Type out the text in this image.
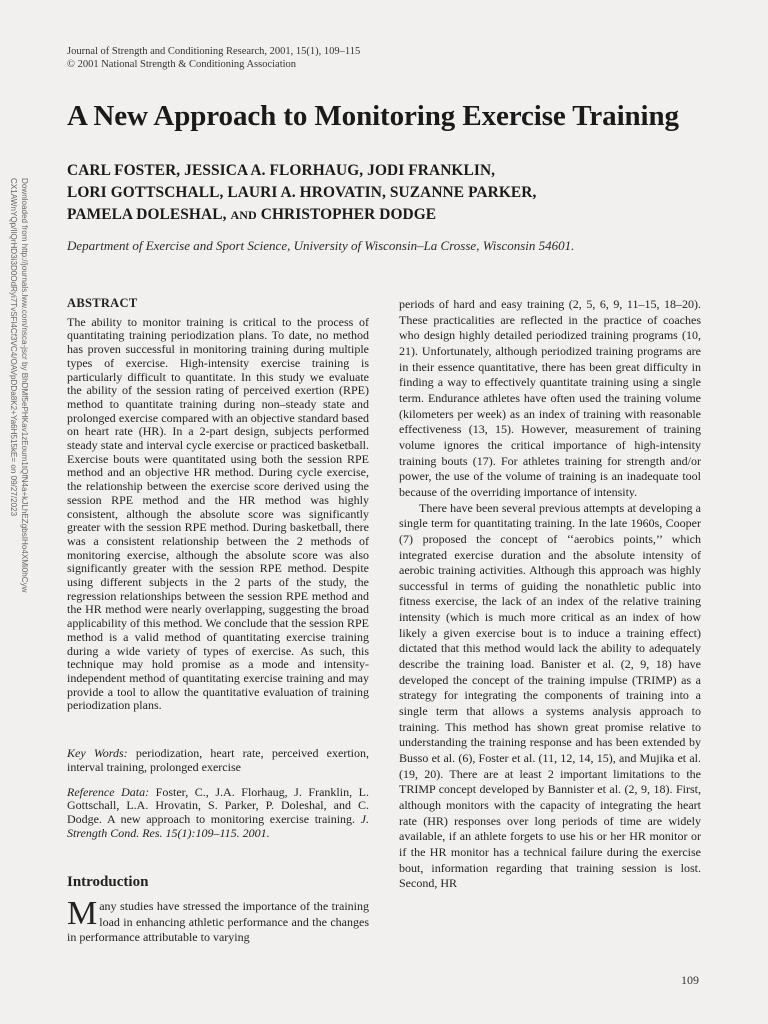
Journal of Strength and Conditioning Research, 2001, 15(1), 109–115
© 2001 National Strength & Conditioning Association
A New Approach to Monitoring Exercise Training
CARL FOSTER, JESSICA A. FLORHAUG, JODI FRANKLIN,
LORI GOTTSCHALL, LAURI A. HROVATIN, SUZANNE PARKER,
PAMELA DOLESHAL, AND CHRISTOPHER DODGE
Department of Exercise and Sport Science, University of Wisconsin–La Crosse, Wisconsin 54601.
Downloaded from http://journals.lww.com/nsca-jscr by BhDMf5ePHKav1zEoum1tQfN4a+kJLhEZgbsIHo4XMi0hCyw
CX1AWnYQp/IlQrHD3i3D0OdRyi7TvSFl4Cf3VC4/OAVpDDa8K2+Ya6H515kE= on 09/27/2023	ABSTRACT

The ability to monitor training is critical to the process of quantitating training periodization plans. To date, no method has proven successful in monitoring training during multiple types of exercise. High-intensity exercise training is particularly difficult to quantitate. In this study we evaluate the ability of the session rating of perceived exertion (RPE) method to quantitate training during non–steady state and prolonged exercise compared with an objective standard based on heart rate (HR). In a 2-part design, subjects performed steady state and interval cycle exercise or practiced basketball. Exercise bouts were quantitated using both the session RPE method and an objective HR method. During cycle exercise, the relationship between the exercise score derived using the session RPE method and the HR method was highly consistent, although the absolute score was significantly greater with the session RPE method. During basketball, there was a consistent relationship between the 2 methods of monitoring exercise, although the absolute score was also significantly greater with the session RPE method. Despite using different subjects in the 2 parts of the study, the regression relationships between the session RPE method and the HR method were nearly overlapping, suggesting the broad applicability of this method. We conclude that the session RPE method is a valid method of quantitating exercise training during a wide variety of types of exercise. As such, this technique may hold promise as a mode and intensity-independent method of quantitating exercise training and may provide a tool to allow the quantitative evaluation of training periodization plans.

Key Words: periodization, heart rate, perceived exertion, interval training, prolonged exercise

Reference Data: Foster, C., J.A. Florhaug, J. Franklin, L. Gottschall, L.A. Hrovatin, S. Parker, P. Doleshal, and C. Dodge. A new approach to monitoring exercise training. J. Strength Cond. Res. 15(1):109–115. 2001.

Introduction

Many studies have stressed the importance of the training load in enhancing athletic performance and the changes in performance attributable to varying

periods of hard and easy training (2, 5, 6, 9, 11–15, 18–20). These practicalities are reflected in the practice of coaches who design highly detailed periodized training programs (10, 21). Unfortunately, although periodized training programs are in their essence quantitative, there has been great difficulty in finding a way to effectively quantitate training using a single term. Endurance athletes have often used the training volume (kilometers per week) as an index of training with reasonable effectiveness (13, 15). However, measurement of training volume ignores the critical importance of high-intensity training bouts (17). For athletes training for strength and/or power, the use of the volume of training is an inadequate tool because of the overriding importance of intensity.

There have been several previous attempts at developing a single term for quantitating training. In the late 1960s, Cooper (7) proposed the concept of ‘‘aerobics points,’’ which integrated exercise duration and the absolute intensity of aerobic training activities. Although this approach was highly successful in terms of guiding the nonathletic public into fitness exercise, the lack of an index of the relative training intensity (which is much more critical as an index of how likely a given exercise bout is to induce a training effect) dictated that this method would lack the ability to adequately describe the training load. Banister et al. (2, 9, 18) have developed the concept of the training impulse (TRIMP) as a strategy for integrating the components of training into a single term that allows a systems analysis approach to training. This method has shown great promise relative to understanding the training response and has been extended by Busso et al. (6), Foster et al. (11, 12, 14, 15), and Mujika et al. (19, 20). There are at least 2 important limitations to the TRIMP concept developed by Bannister et al. (2, 9, 18). First, although monitors with the capacity of integrating the heart rate (HR) responses over long periods of time are widely available, if an athlete forgets to use his or her HR monitor or if the HR monitor has a technical failure during the exercise bout, information regarding that training session is lost. Second, HR

109
